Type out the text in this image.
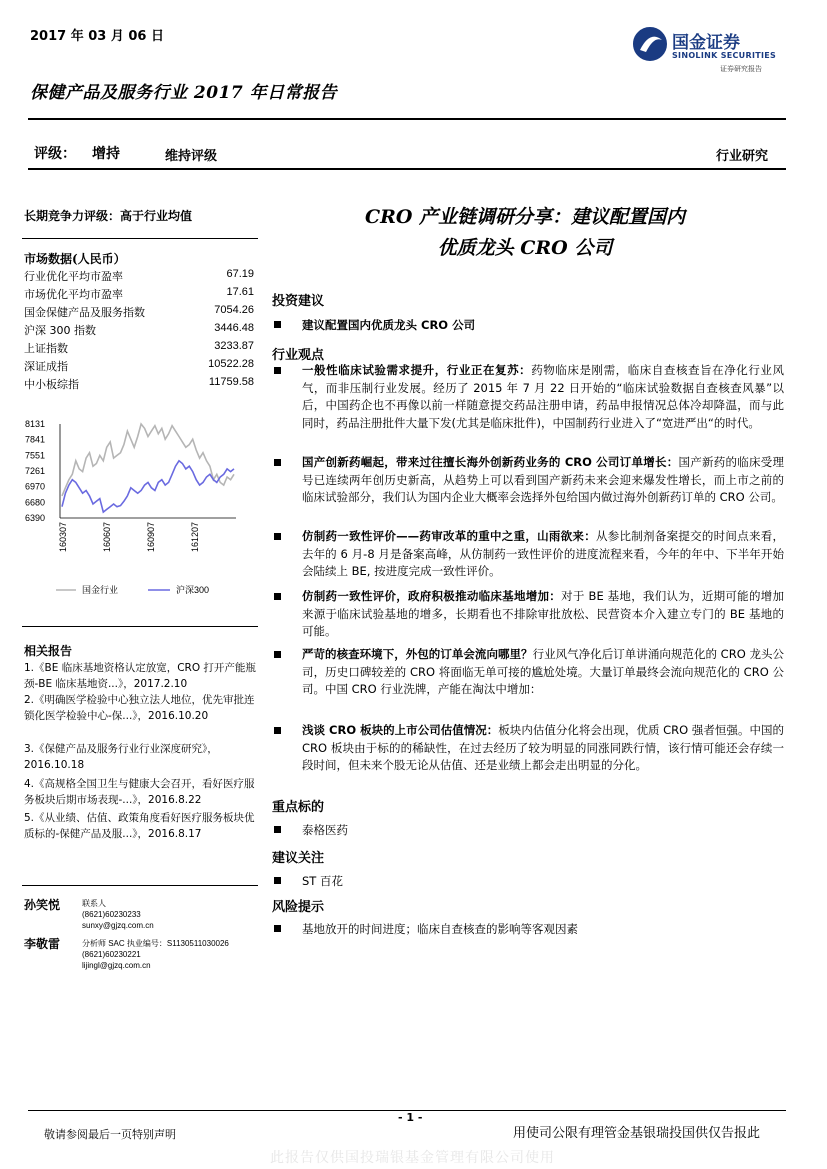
2017 年 03 月 06 日
保健产品及服务行业 2017 年日常报告
国金证券
SINOLINK SECURITIES
证券研究报告
评级： 增持	维持评级	行业研究
长期竞争力评级：高于行业均值
市场数据(人民币）
行业优化平均市盈率	67.19
市场优化平均市盈率	17.61
国金保健产品及服务指数	7054.26
沪深 300 指数	3446.48
上证指数	3233.87
深证成指	10522.28
中小板综指	11759.58
8131
7841
7551
7261
6970
6680
6390
160307	160607	160907	161207
国金行业	沪深300
相关报告
1.《BE 临床基地资格认定放宽，CRO 打开产能瓶颈-BE 临床基地资...》，2017.2.10
2.《明确医学检验中心独立法人地位，优先审批连锁化医学检验中心-保...》，2016.10.20
3.《保健产品及服务行业行业深度研究》，2016.10.18
4.《高规格全国卫生与健康大会召开，看好医疗服务板块后期市场表现-...》，2016.8.22
5.《从业绩、估值、政策角度看好医疗服务板块优质标的-保健产品及服...》，2016.8.17
孙笑悦	联系人
(8621)60230233
sunxy@gjzq.com.cn
李敬雷	分析师 SAC 执业编号：S1130511030026
(8621)60230221
lijingl@gjzq.com.cn
CRO 产业链调研分享：建议配置国内
优质龙头 CRO 公司
投资建议
建议配置国内优质龙头 CRO 公司
行业观点
一般性临床试验需求提升，行业正在复苏：药物临床是刚需，临床自查核查旨在净化行业风气，而非压制行业发展。经历了 2015 年 7 月 22 日开始的“临床试验数据自查核查风暴”以后，中国药企也不再像以前一样随意提交药品注册申请，药品申报情况总体冷却降温，而与此同时，药品注册批件大量下发(尤其是临床批件)，中国制药行业进入了“宽进严出“的时代。
国产创新药崛起，带来过往擅长海外创新药业务的 CRO 公司订单增长：国产新药的临床受理号已连续两年创历史新高，从趋势上可以看到国产新药未来会迎来爆发性增长，而上市之前的临床试验部分，我们认为国内企业大概率会选择外包给国内做过海外创新药订单的 CRO 公司。
仿制药一致性评价——药审改革的重中之重，山雨欲来：从参比制剂备案提交的时间点来看，去年的 6 月-8 月是备案高峰，从仿制药一致性评价的进度流程来看，今年的年中、下半年开始会陆续上 BE, 按进度完成一致性评价。
仿制药一致性评价，政府积极推动临床基地增加：对于 BE 基地，我们认为，近期可能的增加来源于临床试验基地的增多，长期看也不排除审批放松、民营资本介入建立专门的 BE 基地的可能。
严苛的核查环境下，外包的订单会流向哪里？行业风气净化后订单讲涌向规范化的 CRO 龙头公司，历史口碑较差的 CRO 将面临无单可接的尴尬处境。大量订单最终会流向规范化的 CRO 公司。中国 CRO 行业洗牌，产能在淘汰中增加：
浅谈 CRO 板块的上市公司估值情况：板块内估值分化将会出现，优质 CRO 强者恒强。中国的 CRO 板块由于标的的稀缺性，在过去经历了较为明显的同涨同跌行情，该行情可能还会存续一段时间，但未来个股无论从估值、还是业绩上都会走出明显的分化。
重点标的
泰格医药
建议关注
ST 百花
风险提示
基地放开的时间进度；临床自查核查的影响等客观因素
- 1 -
敬请参阅最后一页特别声明	用使司公限有理管金基银瑞投国供仅告报此
此报告仅供国投瑞银基金管理有限公司使用
